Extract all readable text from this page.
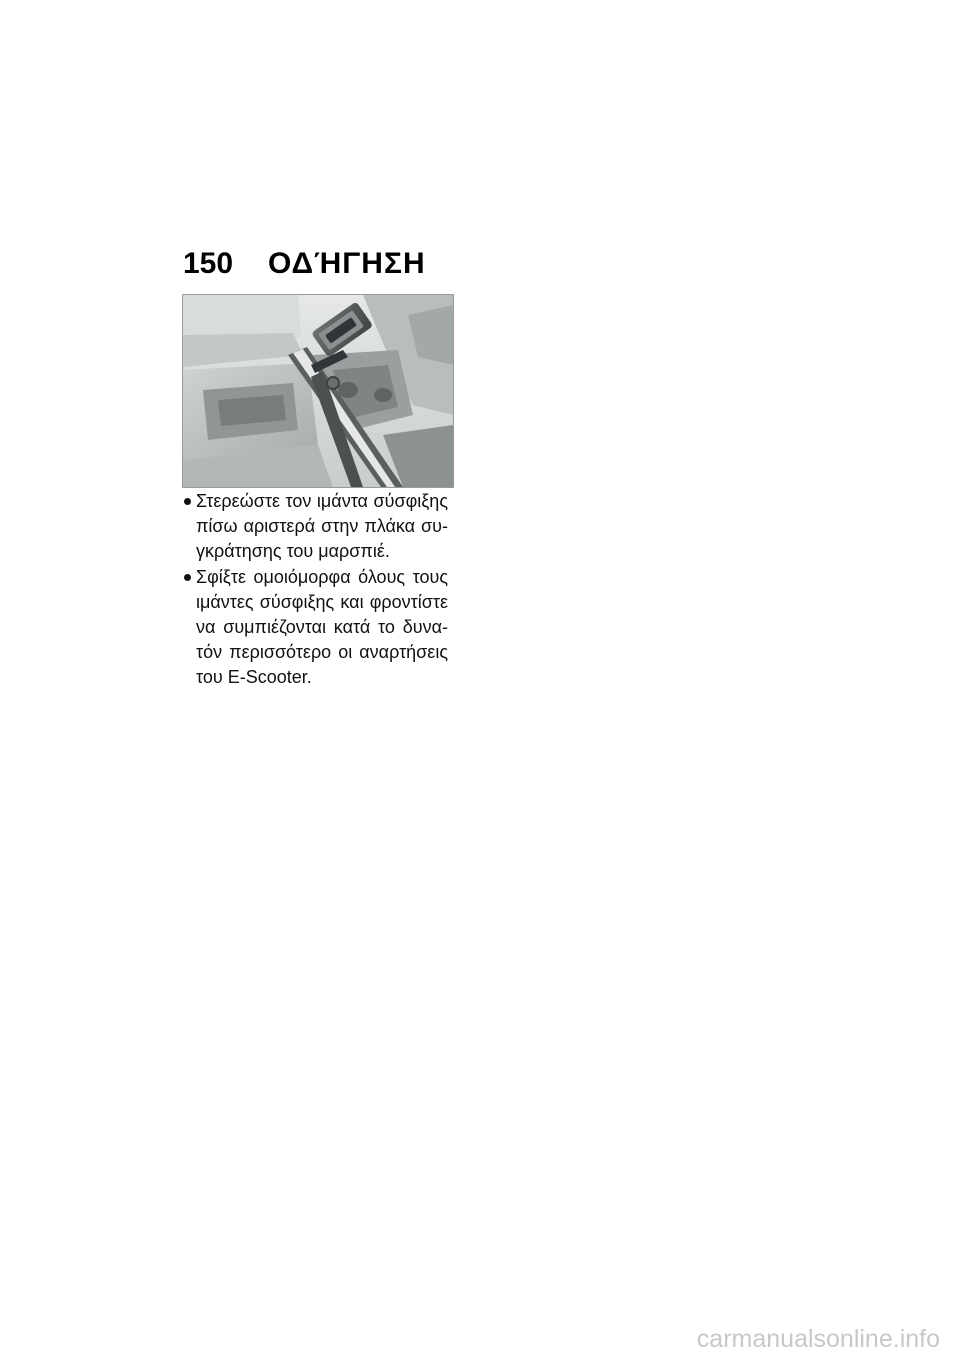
150 ΟΔΉΓΗΣΗ
Στερεώστε τον ιμάντα σύσφιξης πίσω αριστερά στην πλάκα συ- γκράτησης του μαρσπιέ.
Σφίξτε ομοιόμορφα όλους τους ιμάντες σύσφιξης και φροντίστε να συμπιέζονται κατά το δυνα- τόν περισσότερο οι αναρτήσεις του E-Scooter.
carmanualsonline.info
